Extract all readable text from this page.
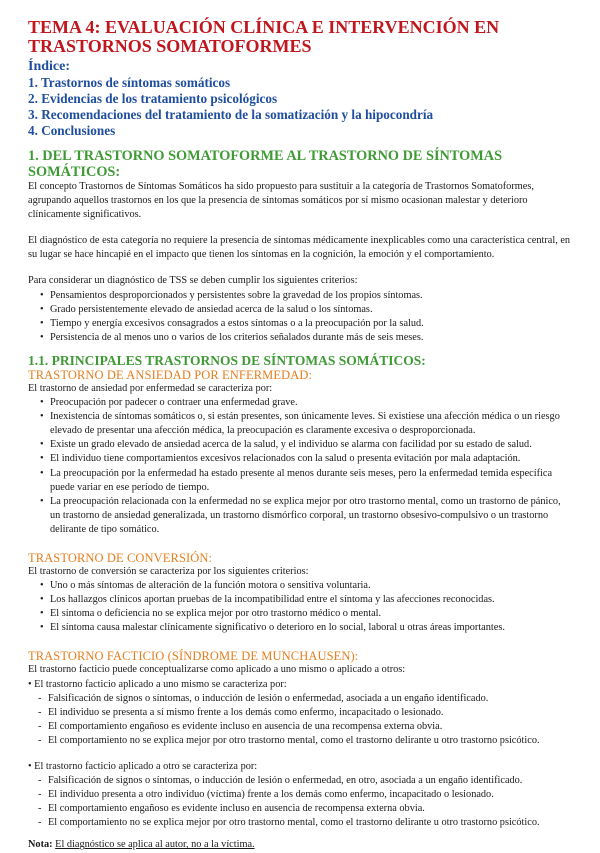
TEMA 4: EVALUACIÓN CLÍNICA E INTERVENCIÓN EN TRASTORNOS SOMATOFORMES
Índice:
1. Trastornos de síntomas somáticos
2. Evidencias de los tratamiento psicológicos
3. Recomendaciones del tratamiento de la somatización y la hipocondría
4. Conclusiones
1. DEL TRASTORNO SOMATOFORME AL TRASTORNO DE SÍNTOMAS SOMÁTICOS:
El concepto Trastornos de Síntomas Somáticos ha sido propuesto para sustituir a la categoría de Trastornos Somatoformes, agrupando aquellos trastornos en los que la presencia de síntomas somáticos por sí mismo ocasionan malestar y deterioro clínicamente significativos.
El diagnóstico de esta categoría no requiere la presencia de síntomas médicamente inexplicables como una característica central, en su lugar se hace hincapié en el impacto que tienen los síntomas en la cognición, la emoción y el comportamiento.
Para considerar un diagnóstico de TSS se deben cumplir los siguientes criterios:
• Pensamientos desproporcionados y persistentes sobre la gravedad de los propios síntomas.
• Grado persistentemente elevado de ansiedad acerca de la salud o los síntomas.
• Tiempo y energía excesivos consagrados a estos síntomas o a la preocupación por la salud.
• Persistencia de al menos uno o varios de los criterios señalados durante más de seis meses.
1.1. PRINCIPALES TRASTORNOS DE SÍNTOMAS SOMÁTICOS:
TRASTORNO DE ANSIEDAD POR ENFERMEDAD:
El trastorno de ansiedad por enfermedad se caracteriza por:
• Preocupación por padecer o contraer una enfermedad grave.
• Inexistencia de síntomas somáticos o, si están presentes, son únicamente leves. Si existiese una afección médica o un riesgo elevado de presentar una afección médica, la preocupación es claramente excesiva o desproporcionada.
• Existe un grado elevado de ansiedad acerca de la salud, y el individuo se alarma con facilidad por su estado de salud.
• El individuo tiene comportamientos excesivos relacionados con la salud o presenta evitación por mala adaptación.
• La preocupación por la enfermedad ha estado presente al menos durante seis meses, pero la enfermedad temida específica puede variar en ese período de tiempo.
• La preocupación relacionada con la enfermedad no se explica mejor por otro trastorno mental, como un trastorno de pánico, un trastorno de ansiedad generalizada, un trastorno dismórfico corporal, un trastorno obsesivo-compulsivo o un trastorno delirante de tipo somático.
TRASTORNO DE CONVERSIÓN:
El trastorno de conversión se caracteriza por los siguientes criterios:
• Uno o más síntomas de alteración de la función motora o sensitiva voluntaria.
• Los hallazgos clínicos aportan pruebas de la incompatibilidad entre el síntoma y las afecciones reconocidas.
• El síntoma o deficiencia no se explica mejor por otro trastorno médico o mental.
• El síntoma causa malestar clínicamente significativo o deterioro en lo social, laboral u otras áreas importantes.
TRASTORNO FACTICIO (SÍNDROME DE MUNCHAUSEN):
El trastorno facticio puede conceptualizarse como aplicado a uno mismo o aplicado a otros:
• El trastorno facticio aplicado a uno mismo se caracteriza por:
- Falsificación de signos o síntomas, o inducción de lesión o enfermedad, asociada a un engaño identificado.
- El individuo se presenta a sí mismo frente a los demás como enfermo, incapacitado o lesionado.
- El comportamiento engañoso es evidente incluso en ausencia de una recompensa externa obvia.
- El comportamiento no se explica mejor por otro trastorno mental, como el trastorno delirante u otro trastorno psicótico.
• El trastorno facticio aplicado a otro se caracteriza por:
- Falsificación de signos o síntomas, o inducción de lesión o enfermedad, en otro, asociada a un engaño identificado.
- El individuo presenta a otro individuo (víctima) frente a los demás como enfermo, incapacitado o lesionado.
- El comportamiento engañoso es evidente incluso en ausencia de recompensa externa obvia.
- El comportamiento no se explica mejor por otro trastorno mental, como el trastorno delirante u otro trastorno psicótico.
Nota: El diagnóstico se aplica al autor, no a la víctima.
